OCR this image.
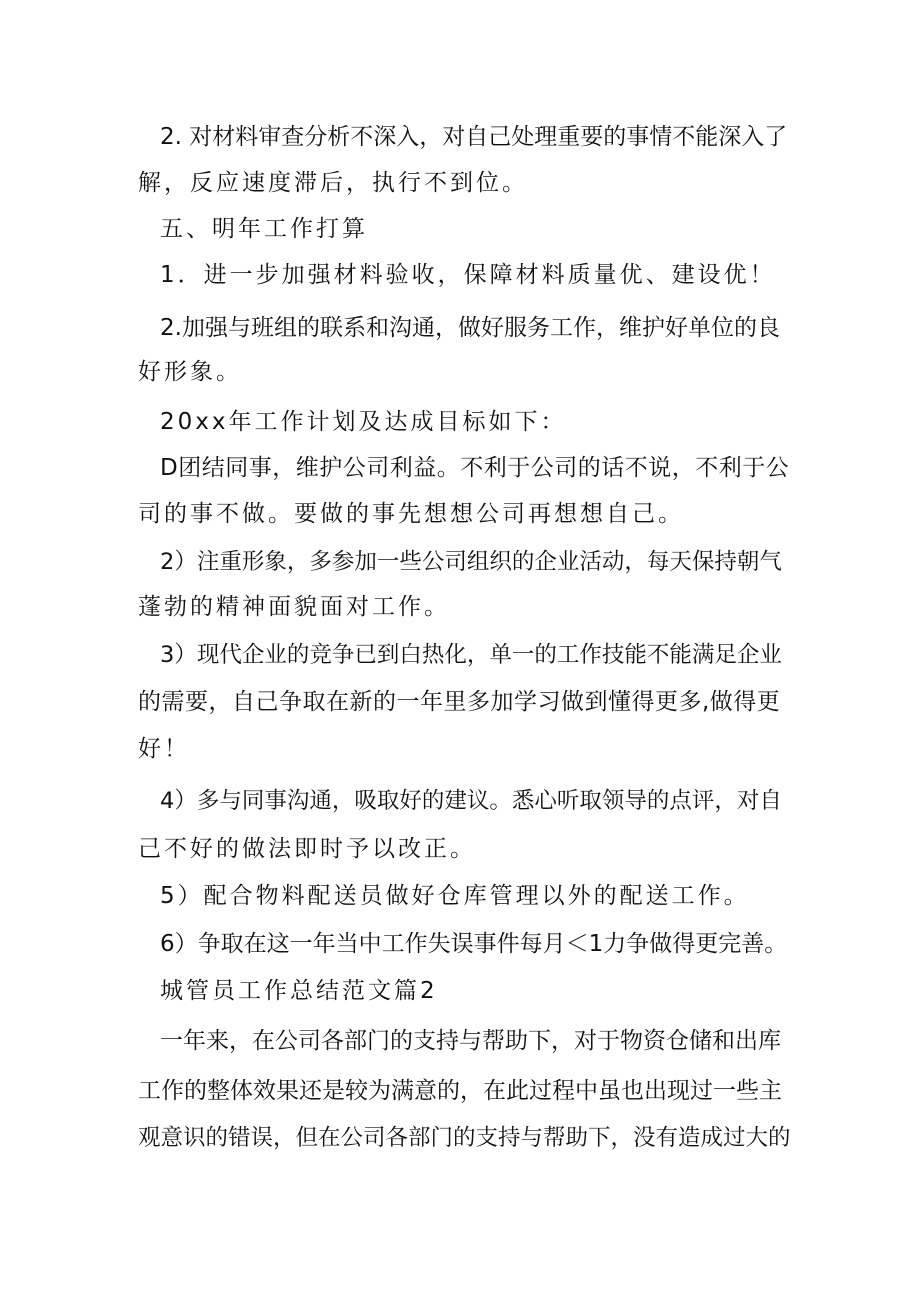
2. 对材料审查分析不深入，对自己处理重要的事情不能深入了
解，反应速度滞后，执行不到位。
五、明年工作打算
1．进一步加强材料验收，保障材料质量优、建设优！
2.加强与班组的联系和沟通，做好服务工作，维护好单位的良
好形象。
20xx年工作计划及达成目标如下：
D团结同事，维护公司利益。不利于公司的话不说，不利于公
司的事不做。要做的事先想想公司再想想自己。
2）注重形象，多参加一些公司组织的企业活动，每天保持朝气
蓬勃的精神面貌面对工作。
3）现代企业的竞争已到白热化，单一的工作技能不能满足企业
的需要，自己争取在新的一年里多加学习做到懂得更多,做得更
好！
4）多与同事沟通，吸取好的建议。悉心听取领导的点评，对自
己不好的做法即时予以改正。
5）配合物料配送员做好仓库管理以外的配送工作。
6）争取在这一年当中工作失误事件每月＜1力争做得更完善。
城管员工作总结范文篇2
一年来，在公司各部门的支持与帮助下，对于物资仓储和出库
工作的整体效果还是较为满意的，在此过程中虽也出现过一些主
观意识的错误，但在公司各部门的支持与帮助下，没有造成过大的
